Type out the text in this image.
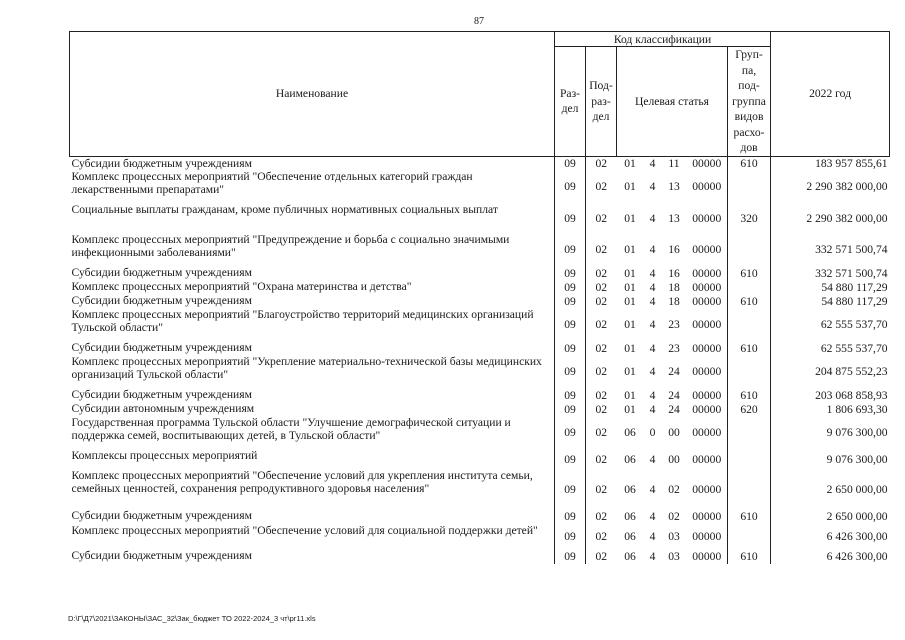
87
Наименование	Код классификации							2022 год
	Раз-дел	Под-раз-дел	Целевая статья				Груп-па, под-группа видов расхо-дов	
Субсидии бюджетным учреждениям	09	02	01	4	11	00000	610	183 957 855,61
Комплекс процессных мероприятий "Обеспечение отдельных категорий граждан лекарственными препаратами"	09	02	01	4	13	00000		2 290 382 000,00
Социальные выплаты гражданам, кроме публичных нормативных социальных выплат	09	02	01	4	13	00000	320	2 290 382 000,00
Комплекс процессных мероприятий "Предупреждение и борьба с социально значимыми инфекционными заболеваниями"	09	02	01	4	16	00000		332 571 500,74
Субсидии бюджетным учреждениям	09	02	01	4	16	00000	610	332 571 500,74
Комплекс процессных мероприятий "Охрана материнства и детства"	09	02	01	4	18	00000		54 880 117,29
Субсидии бюджетным учреждениям	09	02	01	4	18	00000	610	54 880 117,29
Комплекс процессных мероприятий "Благоустройство территорий медицинских организаций Тульской области"	09	02	01	4	23	00000		62 555 537,70
Субсидии бюджетным учреждениям	09	02	01	4	23	00000	610	62 555 537,70
Комплекс процессных мероприятий "Укрепление материально-технической базы медицинских организаций Тульской области"	09	02	01	4	24	00000		204 875 552,23
Субсидии бюджетным учреждениям	09	02	01	4	24	00000	610	203 068 858,93
Субсидии автономным учреждениям	09	02	01	4	24	00000	620	1 806 693,30
Государственная программа Тульской области "Улучшение демографической ситуации и поддержка семей, воспитывающих детей, в Тульской области"	09	02	06	0	00	00000		9 076 300,00
Комплексы процессных мероприятий	09	02	06	4	00	00000		9 076 300,00
Комплекс процессных мероприятий "Обеспечение условий для укрепления института семьи, семейных ценностей, сохранения репродуктивного здоровья населения"	09	02	06	4	02	00000		2 650 000,00
Субсидии бюджетным учреждениям	09	02	06	4	02	00000	610	2 650 000,00
Комплекс процессных мероприятий "Обеспечение условий для социальной поддержки детей"	09	02	06	4	03	00000		6 426 300,00
Субсидии бюджетным учреждениям	09	02	06	4	03	00000	610	6 426 300,00
D:\Г\Д7\2021\ЗАКОНЫ\ЗАС_32\Зак_бюджет ТО 2022-2024_3 чт\рг11.xls
